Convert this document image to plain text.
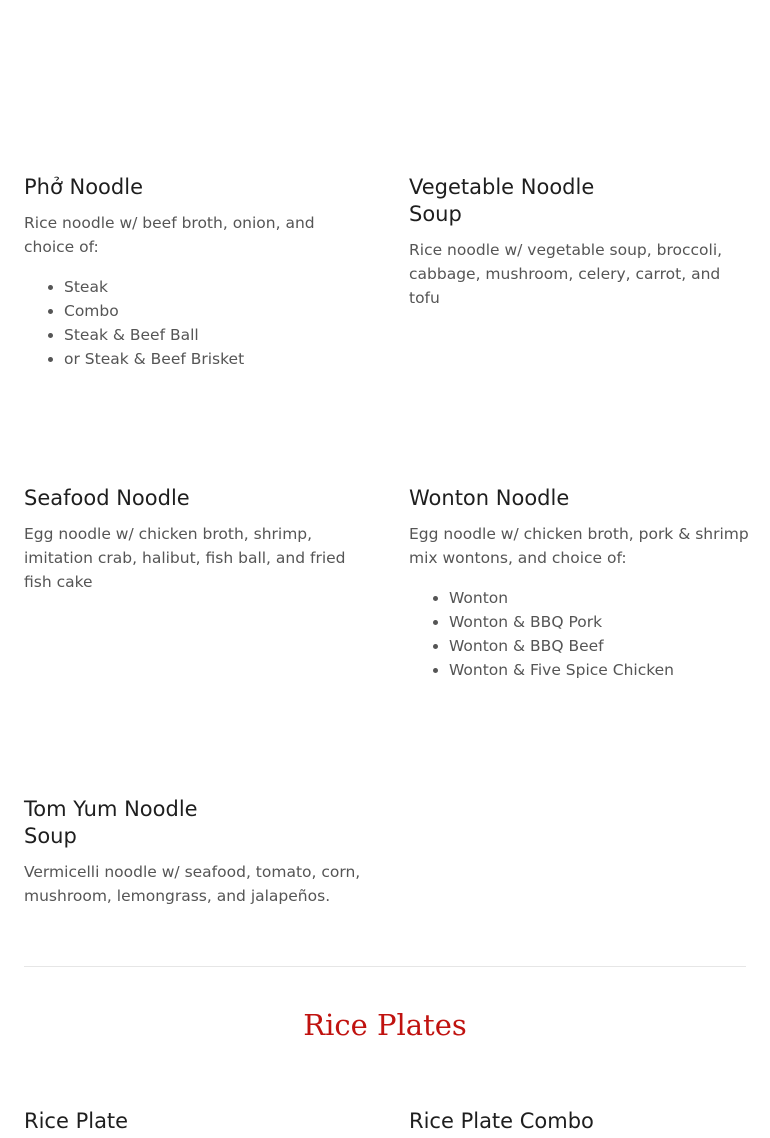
Phở Noodle

Rice noodle w/ beef broth, onion, and choice of:

• Steak
• Combo
• Steak & Beef Ball
• or Steak & Beef Brisket
Vegetable Noodle Soup

Rice noodle w/ vegetable soup, broccoli, cabbage, mushroom, celery, carrot, and tofu

Seafood Noodle

Egg noodle w/ chicken broth, shrimp, imitation crab, halibut, fish ball, and fried fish cake

Wonton Noodle

Egg noodle w/ chicken broth, pork & shrimp mix wontons, and choice of:

• Wonton
• Wonton & BBQ Pork
• Wonton & BBQ Beef
• Wonton & Five Spice Chicken
Tom Yum Noodle Soup

Vermicelli noodle w/ seafood, tomato, corn, mushroom, lemongrass, and jalapeños.

Rice Plates
Rice Plate	Rice Plate Combo
